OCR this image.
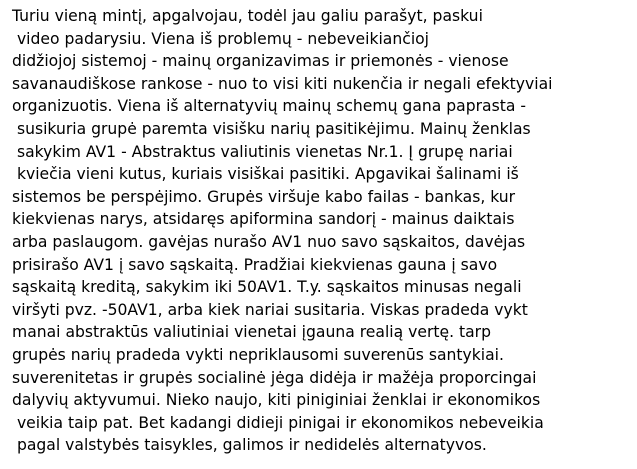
Turiu vieną mintį, apgalvojau, todėl jau galiu parašyt, paskui
video padarysiu. Viena iš problemų - nebeveikiančioj
didžiojoj sistemoj - mainų organizavimas ir priemonės - vienose
savanaudiškose rankose - nuo to visi kiti nukenčia ir negali efektyviai
organizuotis. Viena iš alternatyvių mainų schemų gana paprasta -
susikuria grupė paremta visišku narių pasitikėjimu. Mainų ženklas
sakykim AV1 - Abstraktus valiutinis vienetas Nr.1. Į grupę nariai
kviečia vieni kutus, kuriais visiškai pasitiki. Apgavikai šalinami iš
sistemos be perspėjimo. Grupės viršuje kabo failas - bankas, kur
kiekvienas narys, atsidaręs apiformina sandorį - mainus daiktais
arba paslaugom. gavėjas nurašo AV1 nuo savo sąskaitos, davėjas
prisirašo AV1 į savo sąskaitą. Pradžiai kiekvienas gauna į savo
sąskaitą kreditą, sakykim iki 50AV1. T.y. sąskaitos minusas negali
viršyti pvz. -50AV1, arba kiek nariai susitaria. Viskas pradeda vykt
manai abstraktūs valiutiniai vienetai įgauna realią vertę. tarp
grupės narių pradeda vykti nepriklausomi suverenūs santykiai.
suverenitetas ir grupės socialinė jėga didėja ir mažėja proporcingai
dalyvių aktyvumui. Nieko naujo, kiti piniginiai ženklai ir ekonomikos
veikia taip pat. Bet kadangi didieji pinigai ir ekonomikos nebeveikia
pagal valstybės taisykles, galimos ir nedidelės alternatyvos.
